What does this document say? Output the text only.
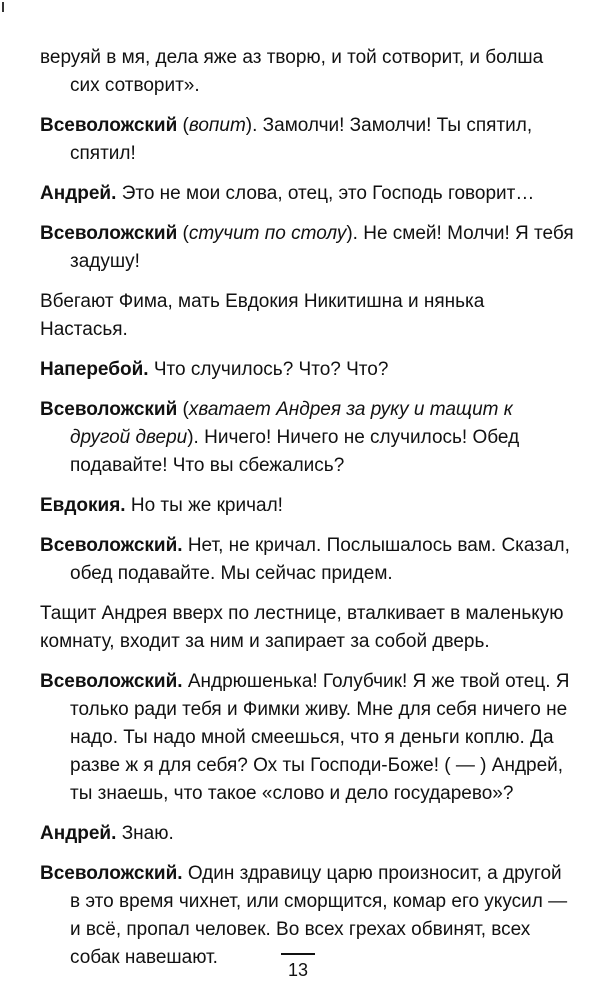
веруяй в мя, дела яже аз творю, и той сотворит, и болша сих сотворит».

Всеволожский (вопит). Замолчи! Замолчи! Ты спятил, спятил!

Андрей. Это не мои слова, отец, это Господь говорит…

Всеволожский (стучит по столу). Не смей! Молчи! Я тебя задушу!

Вбегают Фима, мать Евдокия Никитишна и нянька Настасья.

Наперебой. Что случилось? Что? Что?

Всеволожский (хватает Андрея за руку и тащит к другой двери). Ничего! Ничего не случилось! Обед подавайте! Что вы сбежались?

Евдокия. Но ты же кричал!

Всеволожский. Нет, не кричал. Послышалось вам. Сказал, обед подавайте. Мы сейчас придем.

Тащит Андрея вверх по лестнице, вталкивает в маленькую комнату, входит за ним и запирает за собой дверь.

Всеволожский. Андрюшенька! Голубчик! Я же твой отец. Я только ради тебя и Фимки живу. Мне для себя ничего не надо. Ты надо мной смеешься, что я деньги коплю. Да разве ж я для себя? Ох ты Господи-Боже! ( — ) Андрей, ты знаешь, что такое «слово и дело государево»?

Андрей. Знаю.

Всеволожский. Один здравицу царю произносит, а другой в это время чихнет, или сморщится, комар его укусил — и всё, пропал человек. Во всех грехах обвинят, всех собак навешают.

13
